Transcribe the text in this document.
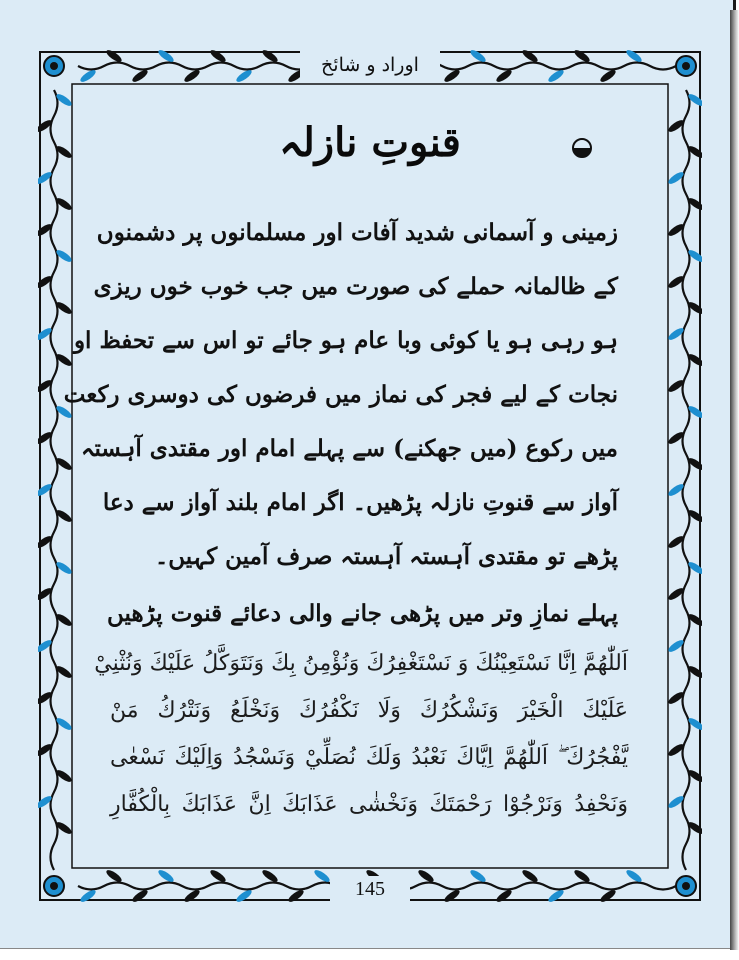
اوراد و شائخ
قنوتِ نازلہ
زمینی و آسمانی شدید آفات اور مسلمانوں پر دشمنوں
کے ظالمانہ حملے کی صورت میں جب خوب خوں ریزی
ہو رہی ہو یا کوئی وبا عام ہو جائے تو اس سے تحفظ او
نجات کے لیے فجر کی نماز میں فرضوں کی دوسری رکعت
میں رکوع (میں جھکنے) سے پہلے امام اور مقتدی آہستہ
آواز سے قنوتِ نازلہ پڑھیں۔ اگر امام بلند آواز سے دعا
پڑھے تو مقتدی آہستہ آہستہ صرف آمین کہیں۔
پہلے نمازِ وتر میں پڑھی جانے والی دعائے قنوت پڑھیں
اَللّٰهُمَّ اِنَّا نَسْتَعِيْنُكَ وَ نَسْتَغْفِرُكَ وَنُؤْمِنُ بِكَ وَنَتَوَكَّلُ عَلَيْكَ وَنُثْنِيْ
عَلَيْكَ الْخَيْرَ وَنَشْكُرُكَ وَلَا نَكْفُرُكَ وَنَخْلَعُ وَنَتْرُكُ مَنْ
يَّفْجُرُكَ ۖ اَللّٰهُمَّ اِيَّاكَ نَعْبُدُ وَلَكَ نُصَلِّيْ وَنَسْجُدُ وَاِلَيْكَ نَسْعٰى
وَنَحْفِدُ وَنَرْجُوْا رَحْمَتَكَ وَنَخْشٰى عَذَابَكَ اِنَّ عَذَابَكَ بِالْكُفَّارِ
145
